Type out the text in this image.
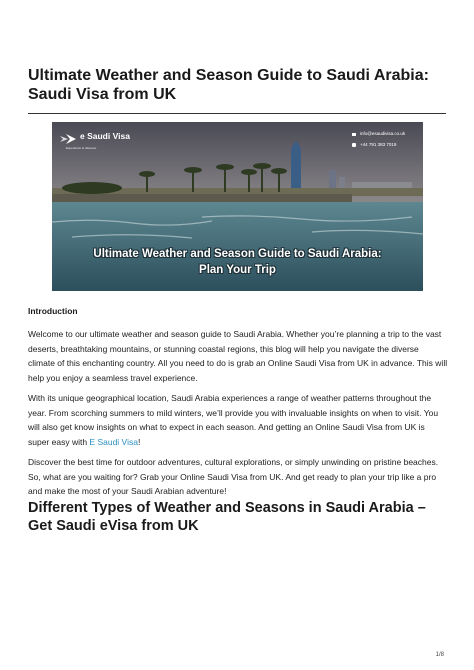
Ultimate Weather and Season Guide to Saudi Arabia: Saudi Visa from UK
e Saudi Visa
Experience to discover
info@esaudivisa.co.uk
+44 791 383 7019
Ultimate Weather and Season Guide to Saudi Arabia:
Plan Your Trip
Introduction

Welcome to our ultimate weather and season guide to Saudi Arabia. Whether you’re planning a trip to the vast deserts, breathtaking mountains, or stunning coastal regions, this blog will help you navigate the diverse climate of this enchanting country. All you need to do is grab an Online Saudi Visa from UK in advance. This will help you enjoy a seamless travel experience.

With its unique geographical location, Saudi Arabia experiences a range of weather patterns throughout the year. From scorching summers to mild winters, we’ll provide you with invaluable insights on when to visit. You will also get know insights on what to expect in each season. And getting an Online Saudi Visa from UK is super easy with E Saudi Visa!

Discover the best time for outdoor adventures, cultural explorations, or simply unwinding on pristine beaches. So, what are you waiting for? Grab your Online Saudi Visa from UK. And get ready to plan your trip like a pro and make the most of your Saudi Arabian adventure!

Different Types of Weather and Seasons in Saudi Arabia – Get Saudi eVisa from UK
1/8
